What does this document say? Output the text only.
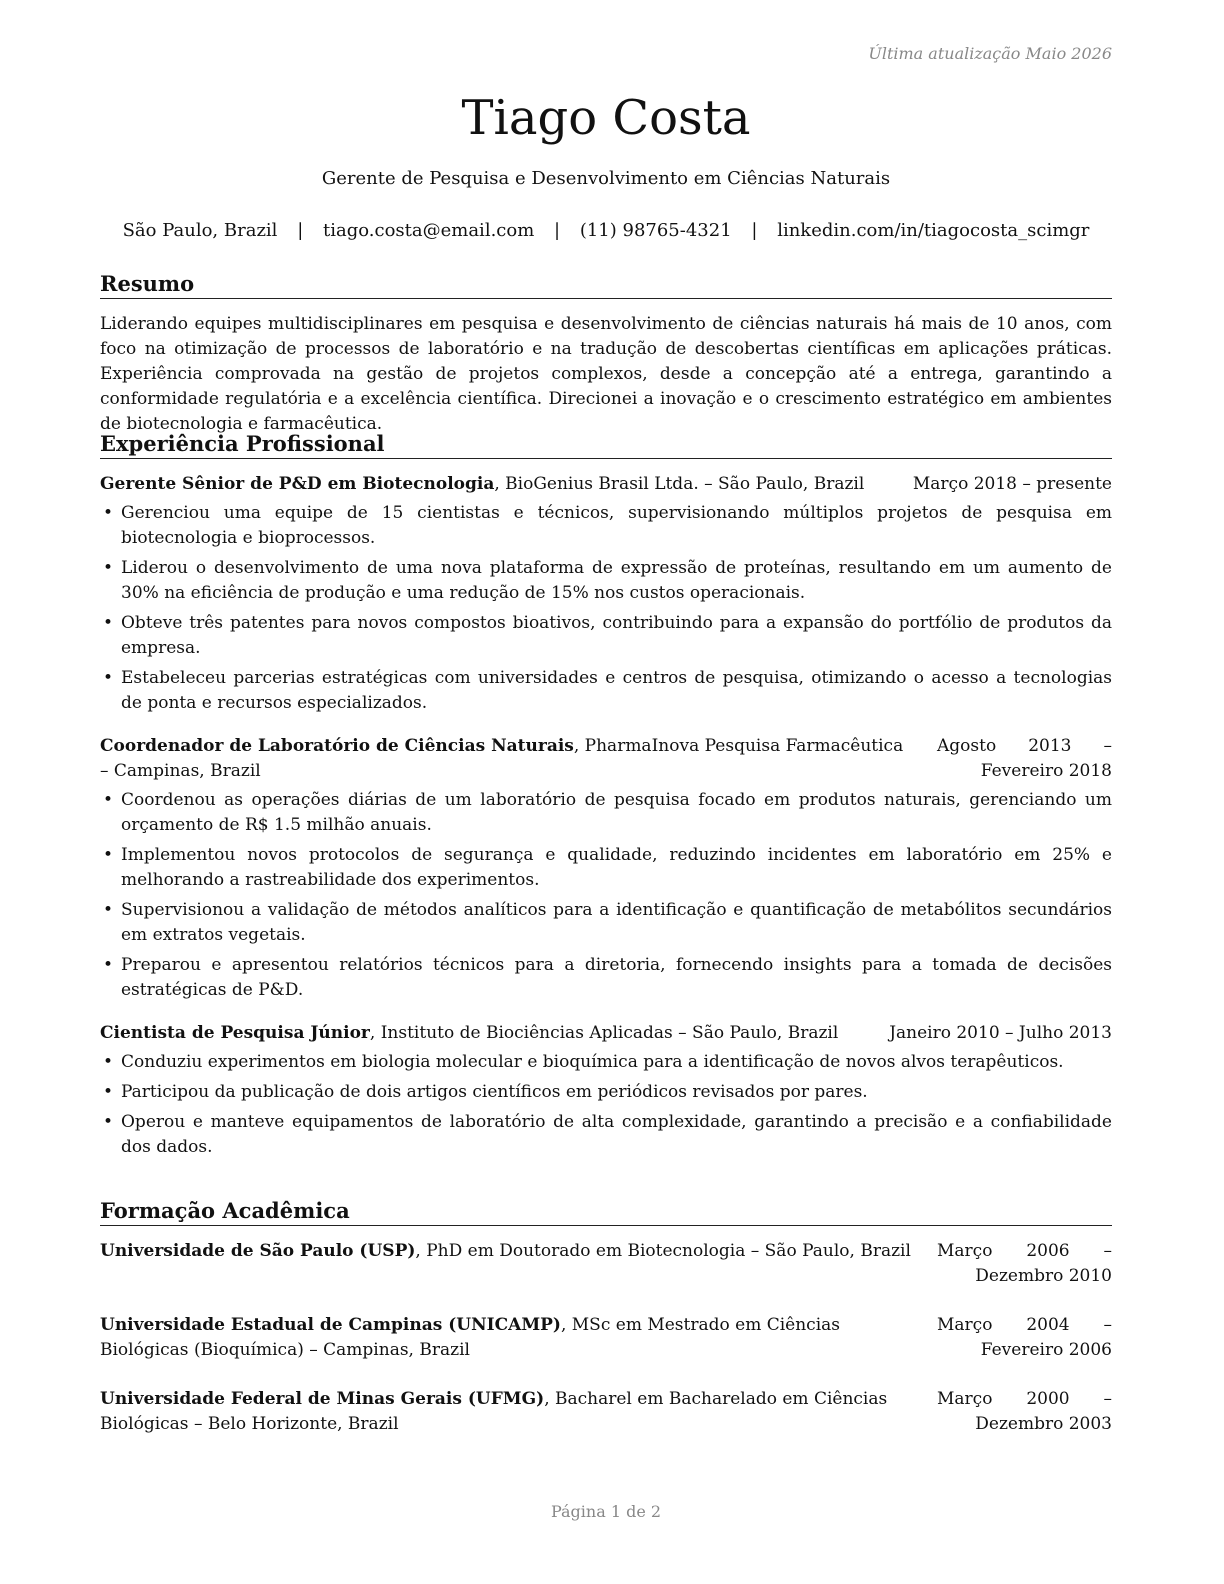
Última atualização Maio 2026
Tiago Costa
Gerente de Pesquisa e Desenvolvimento em Ciências Naturais
São Paulo, Brazil | tiago.costa@email.com | (11) 98765-4321 | linkedin.com/in/tiagocosta_scimgr
Resumo
Liderando equipes multidisciplinares em pesquisa e desenvolvimento de ciências naturais há mais de 10 anos, com foco na otimização de processos de laboratório e na tradução de descobertas científicas em aplicações práticas. Experiência comprovada na gestão de projetos complexos, desde a concepção até a entrega, garantindo a conformidade regulatória e a excelência científica. Direcionei a inovação e o crescimento estratégico em ambientes de biotecnologia e farmacêutica.
Experiência Profissional
Gerente Sênior de P&D em Biotecnologia, BioGenius Brasil Ltda. – São Paulo, Brazil	Março 2018 – presente
• Gerenciou uma equipe de 15 cientistas e técnicos, supervisionando múltiplos projetos de pesquisa em biotecnologia e bioprocessos.
• Liderou o desenvolvimento de uma nova plataforma de expressão de proteínas, resultando em um aumento de 30% na eficiência de produção e uma redução de 15% nos custos operacionais.
• Obteve três patentes para novos compostos bioativos, contribuindo para a expansão do portfólio de produtos da empresa.
• Estabeleceu parcerias estratégicas com universidades e centros de pesquisa, otimizando o acesso a tecnologias de ponta e recursos especializados.
Coordenador de Laboratório de Ciências Naturais, PharmaInova Pesquisa Farmacêutica – Campinas, Brazil
Agosto 2013 – Fevereiro 2018
• Coordenou as operações diárias de um laboratório de pesquisa focado em produtos naturais, gerenciando um orçamento de R$ 1.5 milhão anuais.
• Implementou novos protocolos de segurança e qualidade, reduzindo incidentes em laboratório em 25% e melhorando a rastreabilidade dos experimentos.
• Supervisionou a validação de métodos analíticos para a identificação e quantificação de metabólitos secundários em extratos vegetais.
• Preparou e apresentou relatórios técnicos para a diretoria, fornecendo insights para a tomada de decisões estratégicas de P&D.
Cientista de Pesquisa Júnior, Instituto de Biociências Aplicadas – São Paulo, Brazil	Janeiro 2010 – Julho 2013
• Conduziu experimentos em biologia molecular e bioquímica para a identificação de novos alvos terapêuticos.
• Participou da publicação de dois artigos científicos em periódicos revisados por pares.
• Operou e manteve equipamentos de laboratório de alta complexidade, garantindo a precisão e a confiabilidade dos dados.
Formação Acadêmica
Universidade de São Paulo (USP), PhD em Doutorado em Biotecnologia – São Paulo, Brazil	Março 2006 – Dezembro 2010
Universidade Estadual de Campinas (UNICAMP), MSc em Mestrado em Ciências Biológicas (Bioquímica) – Campinas, Brazil
Março 2004 – Fevereiro 2006
Universidade Federal de Minas Gerais (UFMG), Bacharel em Bacharelado em Ciências Biológicas – Belo Horizonte, Brazil
Março 2000 – Dezembro 2003
Página 1 de 2
